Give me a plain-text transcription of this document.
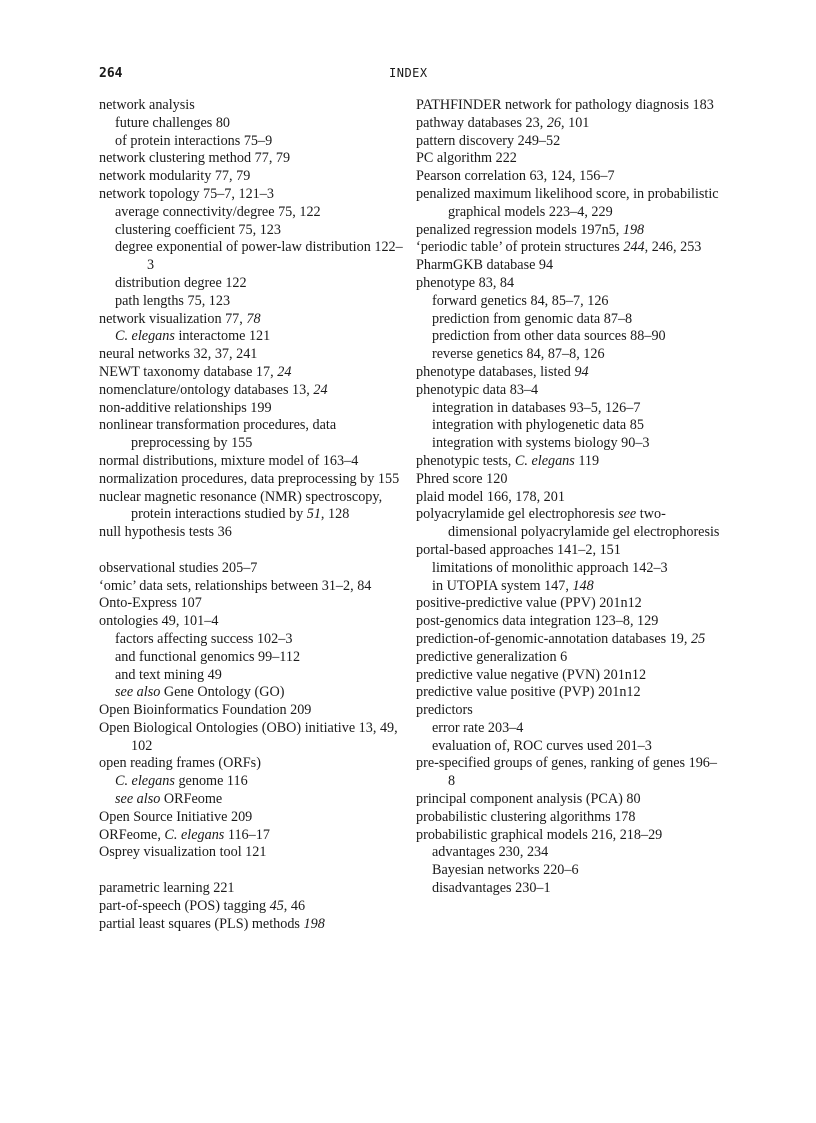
264	INDEX

network analysis

future challenges 80

of protein interactions 75–9

network clustering method 77, 79

network modularity 77, 79

network topology 75–7, 121–3

average connectivity/degree 75, 122

clustering coefficient 75, 123

degree exponential of power-law distribution 122–3

distribution degree 122

path lengths 75, 123

network visualization 77, 78

C. elegans interactome 121

neural networks 32, 37, 241

NEWT taxonomy database 17, 24

nomenclature/ontology databases 13, 24

non-additive relationships 199

nonlinear transformation procedures, data preprocessing by 155

normal distributions, mixture model of 163–4

normalization procedures, data preprocessing by 155

nuclear magnetic resonance (NMR) spectroscopy, protein interactions studied by 51, 128

null hypothesis tests 36

observational studies 205–7

‘omic’ data sets, relationships between 31–2, 84

Onto-Express 107

ontologies 49, 101–4

factors affecting success 102–3

and functional genomics 99–112

and text mining 49

see also Gene Ontology (GO)

Open Bioinformatics Foundation 209

Open Biological Ontologies (OBO) initiative 13, 49, 102

open reading frames (ORFs)

C. elegans genome 116

see also ORFeome

Open Source Initiative 209

ORFeome, C. elegans 116–17

Osprey visualization tool 121

parametric learning 221

part-of-speech (POS) tagging 45, 46

partial least squares (PLS) methods 198

PATHFINDER network for pathology diagnosis 183

pathway databases 23, 26, 101

pattern discovery 249–52

PC algorithm 222

Pearson correlation 63, 124, 156–7

penalized maximum likelihood score, in probabilistic graphical models 223–4, 229

penalized regression models 197n5, 198

‘periodic table’ of protein structures 244, 246, 253

PharmGKB database 94

phenotype 83, 84

forward genetics 84, 85–7, 126

prediction from genomic data 87–8

prediction from other data sources 88–90

reverse genetics 84, 87–8, 126

phenotype databases, listed 94

phenotypic data 83–4

integration in databases 93–5, 126–7

integration with phylogenetic data 85

integration with systems biology 90–3

phenotypic tests, C. elegans 119

Phred score 120

plaid model 166, 178, 201

polyacrylamide gel electrophoresis see two-dimensional polyacrylamide gel electrophoresis

portal-based approaches 141–2, 151

limitations of monolithic approach 142–3

in UTOPIA system 147, 148

positive-predictive value (PPV) 201n12

post-genomics data integration 123–8, 129

prediction-of-genomic-annotation databases 19, 25

predictive generalization 6

predictive value negative (PVN) 201n12

predictive value positive (PVP) 201n12

predictors

error rate 203–4

evaluation of, ROC curves used 201–3

pre-specified groups of genes, ranking of genes 196–8

principal component analysis (PCA) 80

probabilistic clustering algorithms 178

probabilistic graphical models 216, 218–29

advantages 230, 234

Bayesian networks 220–6

disadvantages 230–1
